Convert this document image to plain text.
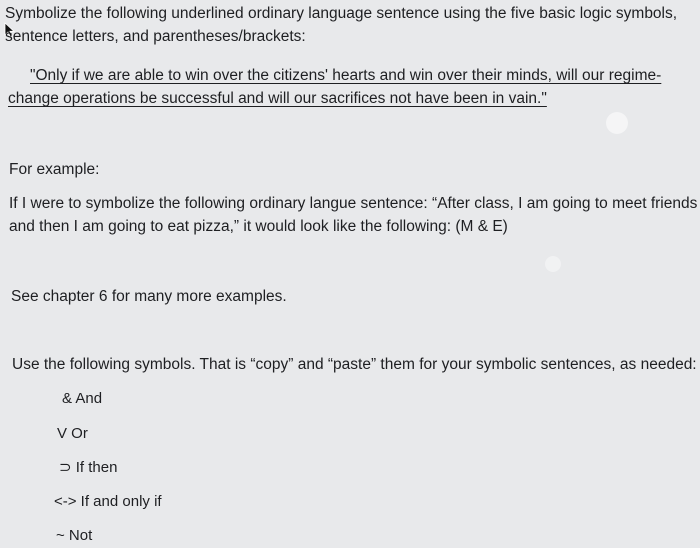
Symbolize the following underlined ordinary language sentence using the five basic logic symbols,
sentence letters, and parentheses/brackets:
"Only if we are able to win over the citizens' hearts and win over their minds, will our regime-
change operations be successful and will our sacrifices not have been in vain."
For example:
If I were to symbolize the following ordinary langue sentence: “After class, I am going to meet friends
and then I am going to eat pizza,” it would look like the following: (M & E)
See chapter 6 for many more examples.
Use the following symbols. That is “copy” and “paste” them for your symbolic sentences, as needed:
& And
V Or
⊃ If then
<-> If and only if
~ Not
